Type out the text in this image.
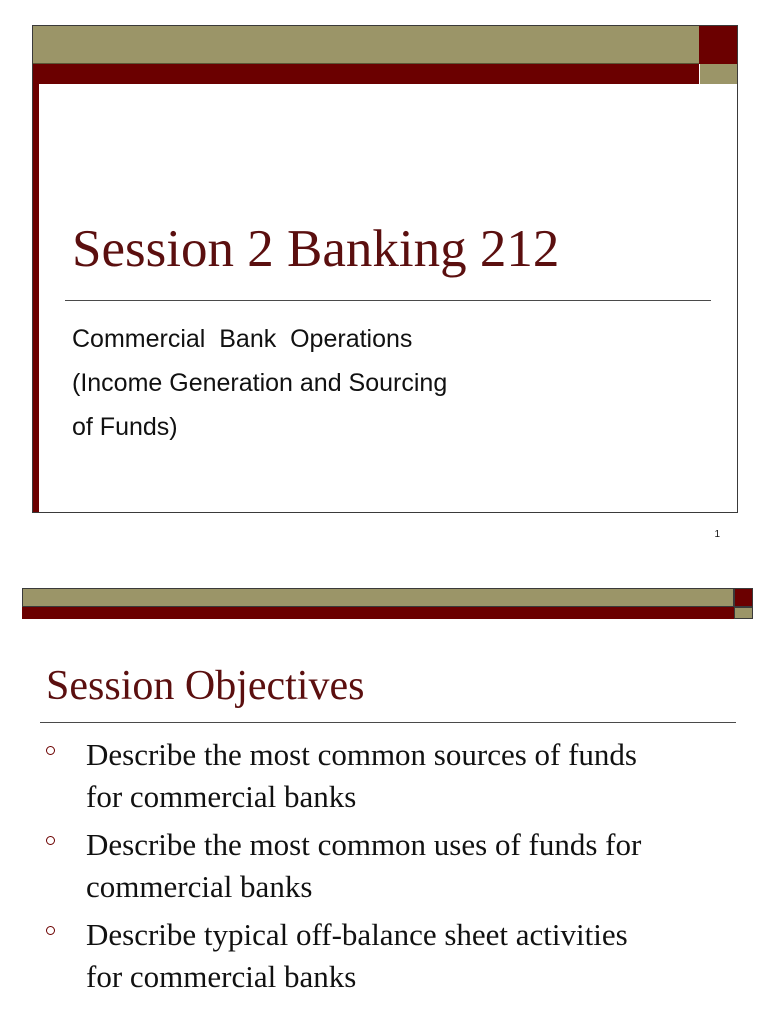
Session 2 Banking 212
Commercial  Bank  Operations
(Income Generation and Sourcing
of Funds)
1
Session Objectives
Describe the most common sources of funds
for commercial banks
Describe the most common uses of funds for
commercial banks
Describe typical off-balance sheet activities
for commercial banks
